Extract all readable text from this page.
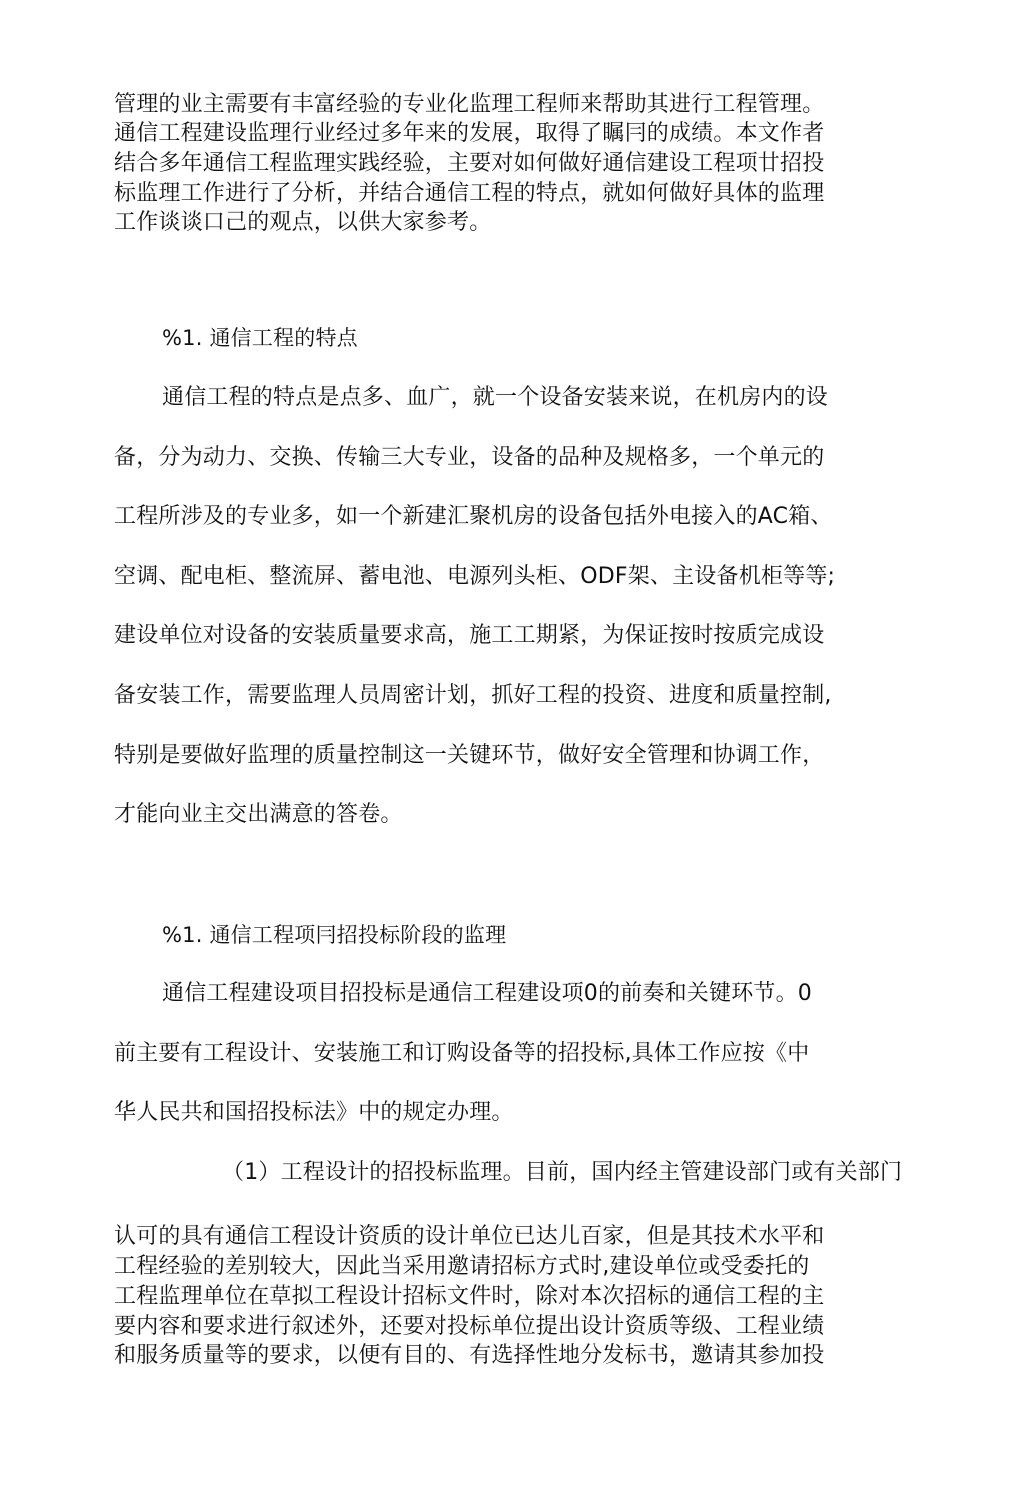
管理的业主需要有丰富经验的专业化监理工程师来帮助其进行工程管理。
通信工程建设监理行业经过多年来的发展，取得了瞩冃的成绩。本文作者
结合多年通信工程监理实践经验，主要对如何做好通信建设工程项廿招投
标监理工作进行了分析，并结合通信工程的特点，就如何做好具体的监理
工作谈谈口己的观点，以供大家参考。
%1. 通信工程的特点
通信工程的特点是点多、血广，就一个设备安装来说，在机房内的设
备，分为动力、交换、传输三大专业，设备的品种及规格多，一个单元的
工程所涉及的专业多，如一个新建汇聚机房的设备包括外电接入的AC箱、
空调、配电柜、整流屏、蓄电池、电源列头柜、ODF架、主设备机柜等等;
建设单位对设备的安装质量要求高，施工工期紧，为保证按时按质完成设
备安装工作，需要监理人员周密计划，抓好工程的投资、进度和质量控制,
特别是要做好监理的质量控制这一关键环节，做好安全管理和协调工作，
才能向业主交出满意的答卷。
%1. 通信工程项冃招投标阶段的监理
通信工程建设项目招投标是通信工程建设项0的前奏和关键环节。0
前主要有工程设计、安装施工和订购设备等的招投标,具体工作应按《中
华人民共和国招投标法》中的规定办理。
（1）工程设计的招投标监理。目前，国内经主管建设部门或有关部门
认可的具有通信工程设计资质的设计单位已达儿百家，但是其技术水平和
工程经验的差别较大，因此当采用邀请招标方式时,建设单位或受委托的
工程监理单位在草拟工程设计招标文件时，除对本次招标的通信工程的主
要内容和要求进行叙述外，还要对投标单位提出设计资质等级、工程业绩
和服务质量等的要求，以便有目的、有选择性地分发标书，邀请其参加投
